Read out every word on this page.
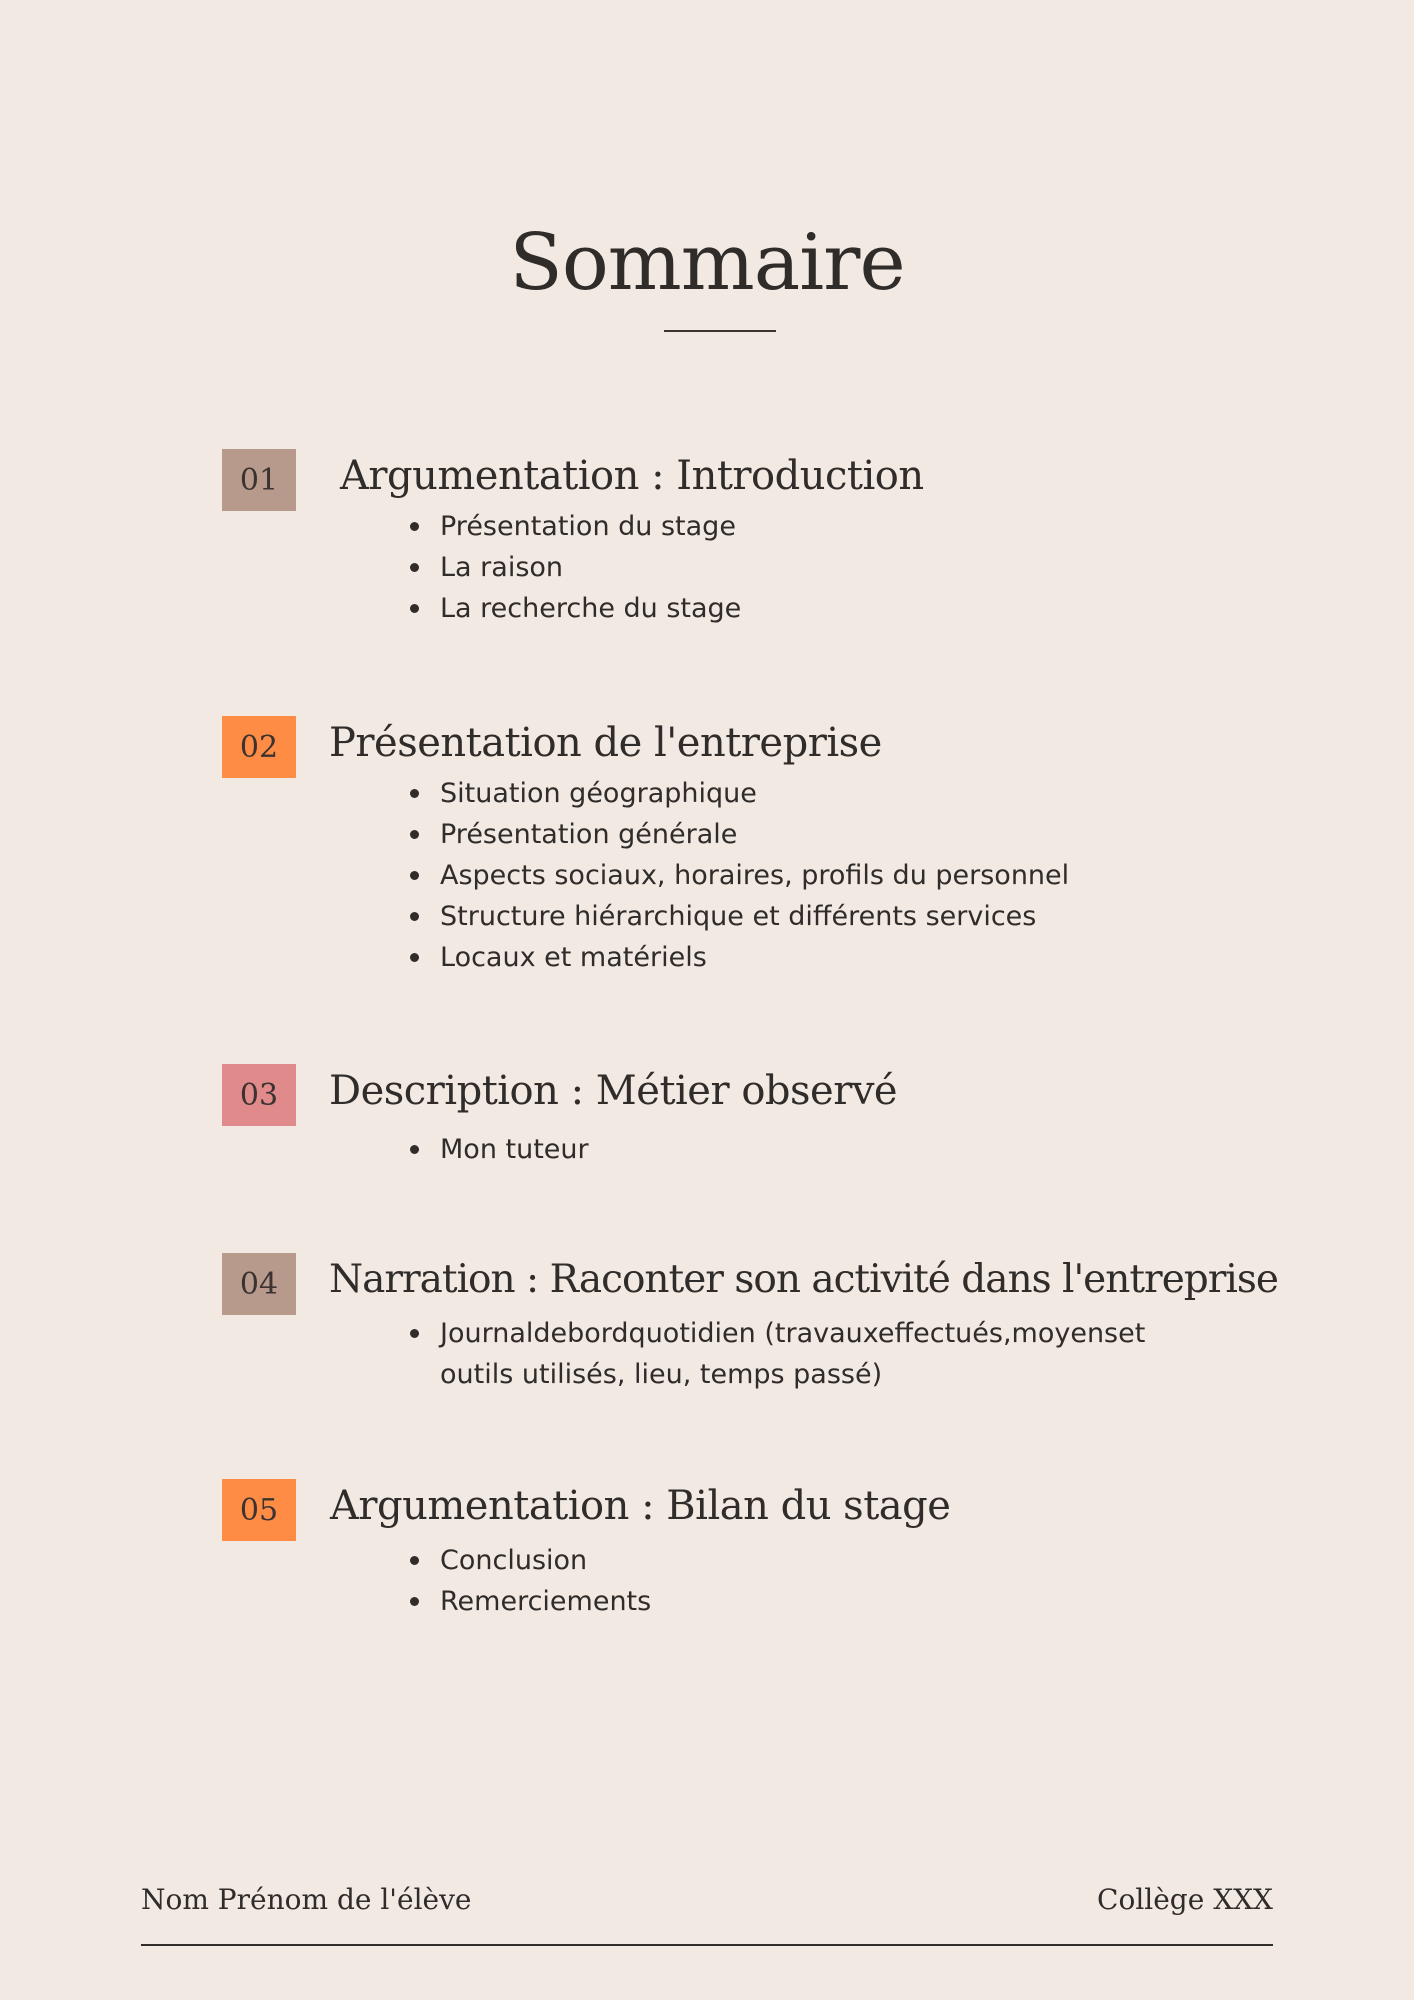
Sommaire
01 Argumentation : Introduction
Présentation du stage
La raison
La recherche du stage
02 Présentation de l'entreprise
Situation géographique
Présentation générale
Aspects sociaux, horaires, profils du personnel
Structure hiérarchique et différents services
Locaux et matériels
03 Description : Métier observé
Mon tuteur
04 Narration : Raconter son activité dans l'entreprise
Journaldebordquotidien (travauxeffectués,moyenset
outils utilisés, lieu, temps passé)
05 Argumentation : Bilan du stage
Conclusion
Remerciements
Nom Prénom de l'élève	Collège XXX
